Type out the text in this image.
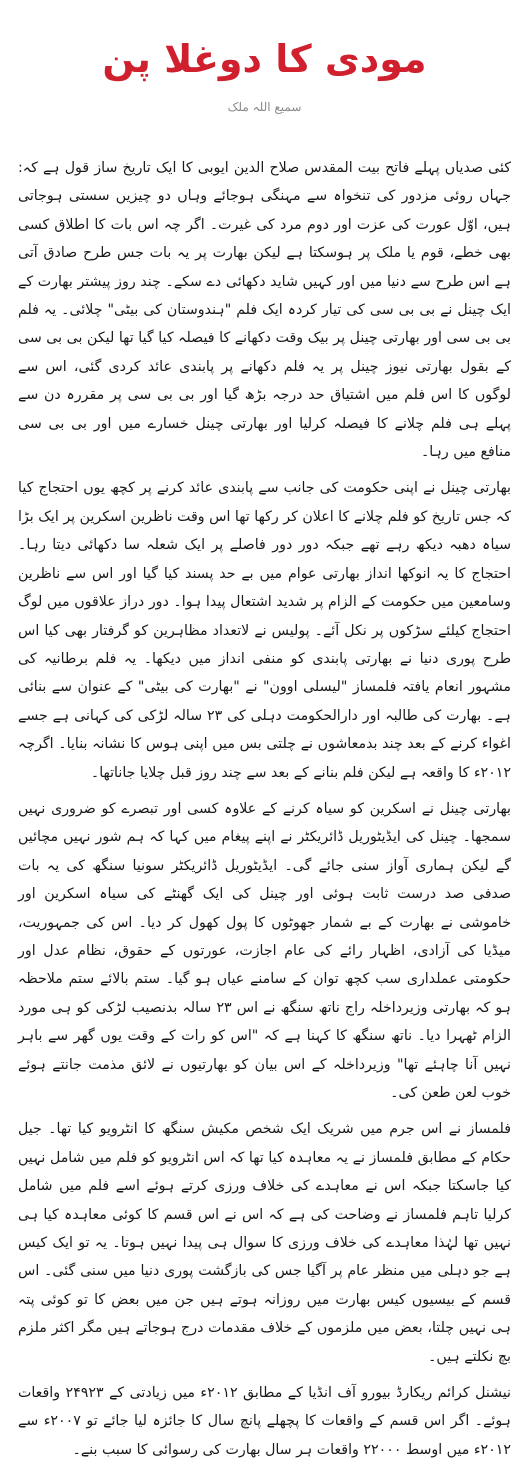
مودی کا دوغلا پن
سمیع اللہ ملک

کئی صدیاں پہلے فاتح بیت المقدس صلاح الدین ایوبی کا ایک تاریخ ساز قول ہے کہ: جہاں روئی مزدور کی تنخواہ سے مہنگی ہوجائے وہاں دو چیزیں سستی ہوجاتی ہیں، اوّل عورت کی عزت اور دوم مرد کی غیرت۔ اگر چہ اس بات کا اطلاق کسی بھی خطے، قوم یا ملک پر ہوسکتا ہے لیکن بھارت پر یہ بات جس طرح صادق آتی ہے اس طرح سے دنیا میں اور کہیں شاید دکھائی دے سکے۔ چند روز پیشتر بھارت کے ایک چینل نے بی بی سی کی تیار کردہ ایک فلم "ہندوستان کی بیٹی" چلائی۔ یہ فلم بی بی سی اور بھارتی چینل پر بیک وقت دکھانے کا فیصلہ کیا گیا تھا لیکن بی بی سی کے بقول بھارتی نیوز چینل پر یہ فلم دکھانے پر پابندی عائد کردی گئی، اس سے لوگوں کا اس فلم میں اشتیاق حد درجہ بڑھ گیا اور بی بی سی پر مقررہ دن سے پہلے ہی فلم چلانے کا فیصلہ کرلیا اور بھارتی چینل خسارے میں اور بی بی سی منافع میں رہا۔

بھارتی چینل نے اپنی حکومت کی جانب سے پابندی عائد کرنے پر کچھ یوں احتجاج کیا کہ جس تاریخ کو فلم چلانے کا اعلان کر رکھا تھا اس وقت ناظرین اسکرین پر ایک بڑا سیاہ دھبہ دیکھ رہے تھے جبکہ دور دور فاصلے پر ایک شعلہ سا دکھائی دیتا رہا۔ احتجاج کا یہ انوکھا انداز بھارتی عوام میں بے حد پسند کیا گیا اور اس سے ناظرین وسامعین میں حکومت کے الزام پر شدید اشتعال پیدا ہوا۔ دور دراز علاقوں میں لوگ احتجاج کیلئے سڑکوں پر نکل آئے۔ پولیس نے لاتعداد مظاہرین کو گرفتار بھی کیا اس طرح پوری دنیا نے بھارتی پابندی کو منفی انداز میں دیکھا۔ یہ فلم برطانیہ کی مشہور انعام یافتہ فلمساز "لیسلی اوون" نے "بھارت کی بیٹی" کے عنوان سے بنائی ہے۔ بھارت کی طالبہ اور دارالحکومت دہلی کی ۲۳ سالہ لڑکی کی کہانی ہے جسے اغواء کرنے کے بعد چند بدمعاشوں نے چلتی بس میں اپنی ہوس کا نشانہ بنایا۔ اگرچہ ۲۰۱۲ء کا واقعہ ہے لیکن فلم بنانے کے بعد سے چند روز قبل چلایا جاناتھا۔

بھارتی چینل نے اسکرین کو سیاہ کرنے کے علاوہ کسی اور تبصرے کو ضروری نہیں سمجھا۔ چینل کی ایڈیٹوریل ڈائریکٹر نے اپنے پیغام میں کہا کہ ہم شور نہیں مچائیں گے لیکن ہماری آواز سنی جائے گی۔ ایڈیٹوریل ڈائریکٹر سونیا سنگھ کی یہ بات صدفی صد درست ثابت ہوئی اور چینل کی ایک گھنٹے کی سیاہ اسکرین اور خاموشی نے بھارت کے بے شمار جھوٹوں کا پول کھول کر دیا۔ اس کی جمہوریت، میڈیا کی آزادی، اظہار رائے کی عام اجازت، عورتوں کے حقوق، نظام عدل اور حکومتی عملداری سب کچھ توان کے سامنے عیاں ہو گیا۔ ستم بالائے ستم ملاحظہ ہو کہ بھارتی وزیرداخلہ راج ناتھ سنگھ نے اس ۲۳ سالہ بدنصیب لڑکی کو ہی مورد الزام ٹھہرا دیا۔ ناتھ سنگھ کا کہنا ہے کہ "اس کو رات کے وقت یوں گھر سے باہر نہیں آنا چاہئے تھا" وزیرداخلہ کے اس بیان کو بھارتیوں نے لائق مذمت جانتے ہوئے خوب لعن طعن کی۔

فلمساز نے اس جرم میں شریک ایک شخص مکیش سنگھ کا انٹرویو کیا تھا۔ جیل حکام کے مطابق فلمساز نے یہ معاہدہ کیا تھا کہ اس انٹرویو کو فلم میں شامل نہیں کیا جاسکتا جبکہ اس نے معاہدے کی خلاف ورزی کرتے ہوئے اسے فلم میں شامل کرلیا تاہم فلمساز نے وضاحت کی ہے کہ اس نے اس قسم کا کوئی معاہدہ کیا ہی نہیں تھا لہٰذا معاہدے کی خلاف ورزی کا سوال ہی پیدا نہیں ہوتا۔ یہ تو ایک کیس ہے جو دہلی میں منظر عام پر آگیا جس کی بازگشت پوری دنیا میں سنی گئی۔ اس قسم کے بیسیوں کیس بھارت میں روزانہ ہوتے ہیں جن میں بعض کا تو کوئی پتہ ہی نہیں چلتا، بعض میں ملزموں کے خلاف مقدمات درج ہوجاتے ہیں مگر اکثر ملزم بچ نکلتے ہیں۔

نیشنل کرائم ریکارڈ بیورو آف انڈیا کے مطابق ۲۰۱۲ء میں زیادتی کے ۲۴۹۲۳ واقعات ہوئے۔ اگر اس قسم کے واقعات کا پچھلے پانچ سال کا جائزہ لیا جائے تو ۲۰۰۷ء سے ۲۰۱۲ء میں اوسط ۲۲۰۰۰ واقعات ہر سال بھارت کی رسوائی کا سبب بنے۔
